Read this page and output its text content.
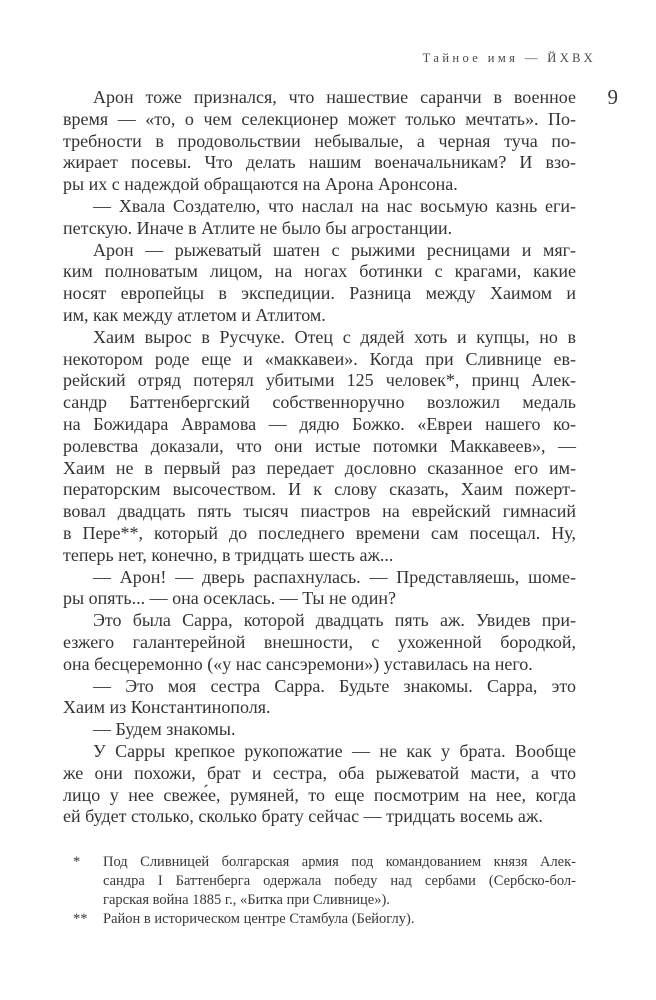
Тайное имя — ЙХВХ
9
Арон тоже признался, что нашествие саранчи в военное
время — «то, о чем селекционер может только мечтать». По-
требности в продовольствии небывалые, а черная туча по-
жирает посевы. Что делать нашим военачальникам? И взо-
ры их с надеждой обращаются на Арона Аронсона.
— Хвала Создателю, что наслал на нас восьмую казнь еги-
петскую. Иначе в Атлите не было бы агростанции.
Арон — рыжеватый шатен с рыжими ресницами и мяг-
ким полноватым лицом, на ногах ботинки с крагами, какие
носят европейцы в экспедиции. Разница между Хаимом и
им, как между атлетом и Атлитом.
Хаим вырос в Русчуке. Отец с дядей хоть и купцы, но в
некотором роде еще и «маккавеи». Когда при Сливнице ев-
рейский отряд потерял убитыми 125 человек*, принц Алек-
сандр Баттенбергский собственноручно возложил медаль
на Божидара Аврамова — дядю Божко. «Евреи нашего ко-
ролевства доказали, что они истые потомки Маккавеев», —
Хаим не в первый раз передает дословно сказанное его им-
ператорским высочеством. И к слову сказать, Хаим пожерт-
вовал двадцать пять тысяч пиастров на еврейский гимнасий
в Пере**, который до последнего времени сам посещал. Ну,
теперь нет, конечно, в тридцать шесть аж...
— Арон! — дверь распахнулась. — Представляешь, шоме-
ры опять... — она осеклась. — Ты не один?
Это была Сарра, которой двадцать пять аж. Увидев при-
езжего галантерейной внешности, с ухоженной бородкой,
она бесцеремонно («у нас сансэремони») уставилась на него.
— Это моя сестра Сарра. Будьте знакомы. Сарра, это
Хаим из Константинополя.
— Будем знакомы.
У Сарры крепкое рукопожатие — не как у брата. Вообще
же они похожи, брат и сестра, оба рыжеватой масти, а что
лицо у нее свеже́е, румяней, то еще посмотрим на нее, когда
ей будет столько, сколько брату сейчас — тридцать восемь аж.
*	Под Сливницей болгарская армия под командованием князя Алек-
сандра I Баттенберга одержала победу над сербами (Сербско-бол-
гарская война 1885 г., «Битка при Сливнице»).
**	Район в историческом центре Стамбула (Бейоглу).
